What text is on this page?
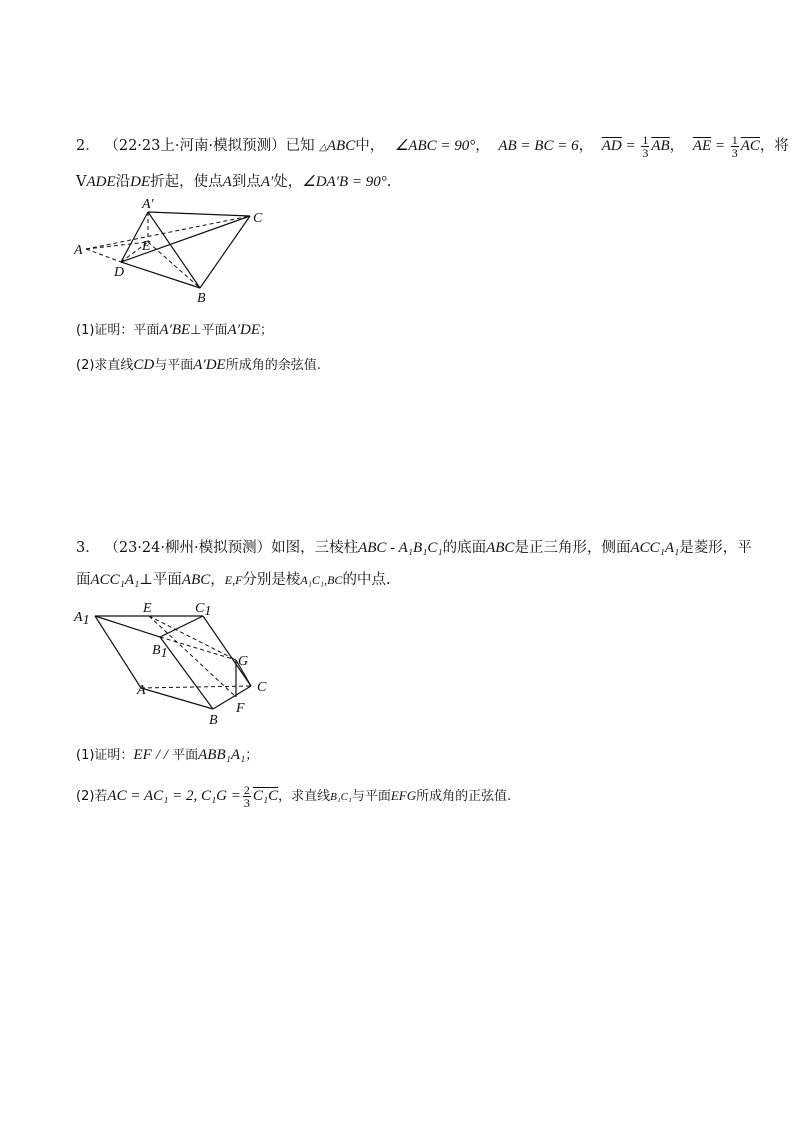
2． （22·23上·河南·模拟预测）已知 △ABC中， ∠ABC = 90°， AB = BC = 6， $\overline{AD} = \frac{1}{3} \overline{AB}$， $\overline{AE} = \frac{1}{3} \overline{AC}$，将
VADE沿DE折起，使点A到点A′处，∠DA′B = 90°.
A
A′
E
C
D
B
(1)证明：平面A′BE⊥平面A′DE；
(2)求直线CD与平面A′DE所成角的余弦值.
3． （23·24·柳州·模拟预测）如图，三棱柱ABC - A₁B₁C₁的底面ABC是正三角形，侧面ACC₁A₁是菱形，平
面ACC₁A₁⊥平面ABC，E,F分别是棱A₁C₁,BC的中点.
A1
E	C1
B1
G
C
A
F
B
(1)证明：EF / / 平面ABB₁A₁；
(2)若AC = AC₁ = 2, $C_1G = \frac{2}{3} C_1C$，求直线B₁C₁与平面EFG所成角的正弦值.
